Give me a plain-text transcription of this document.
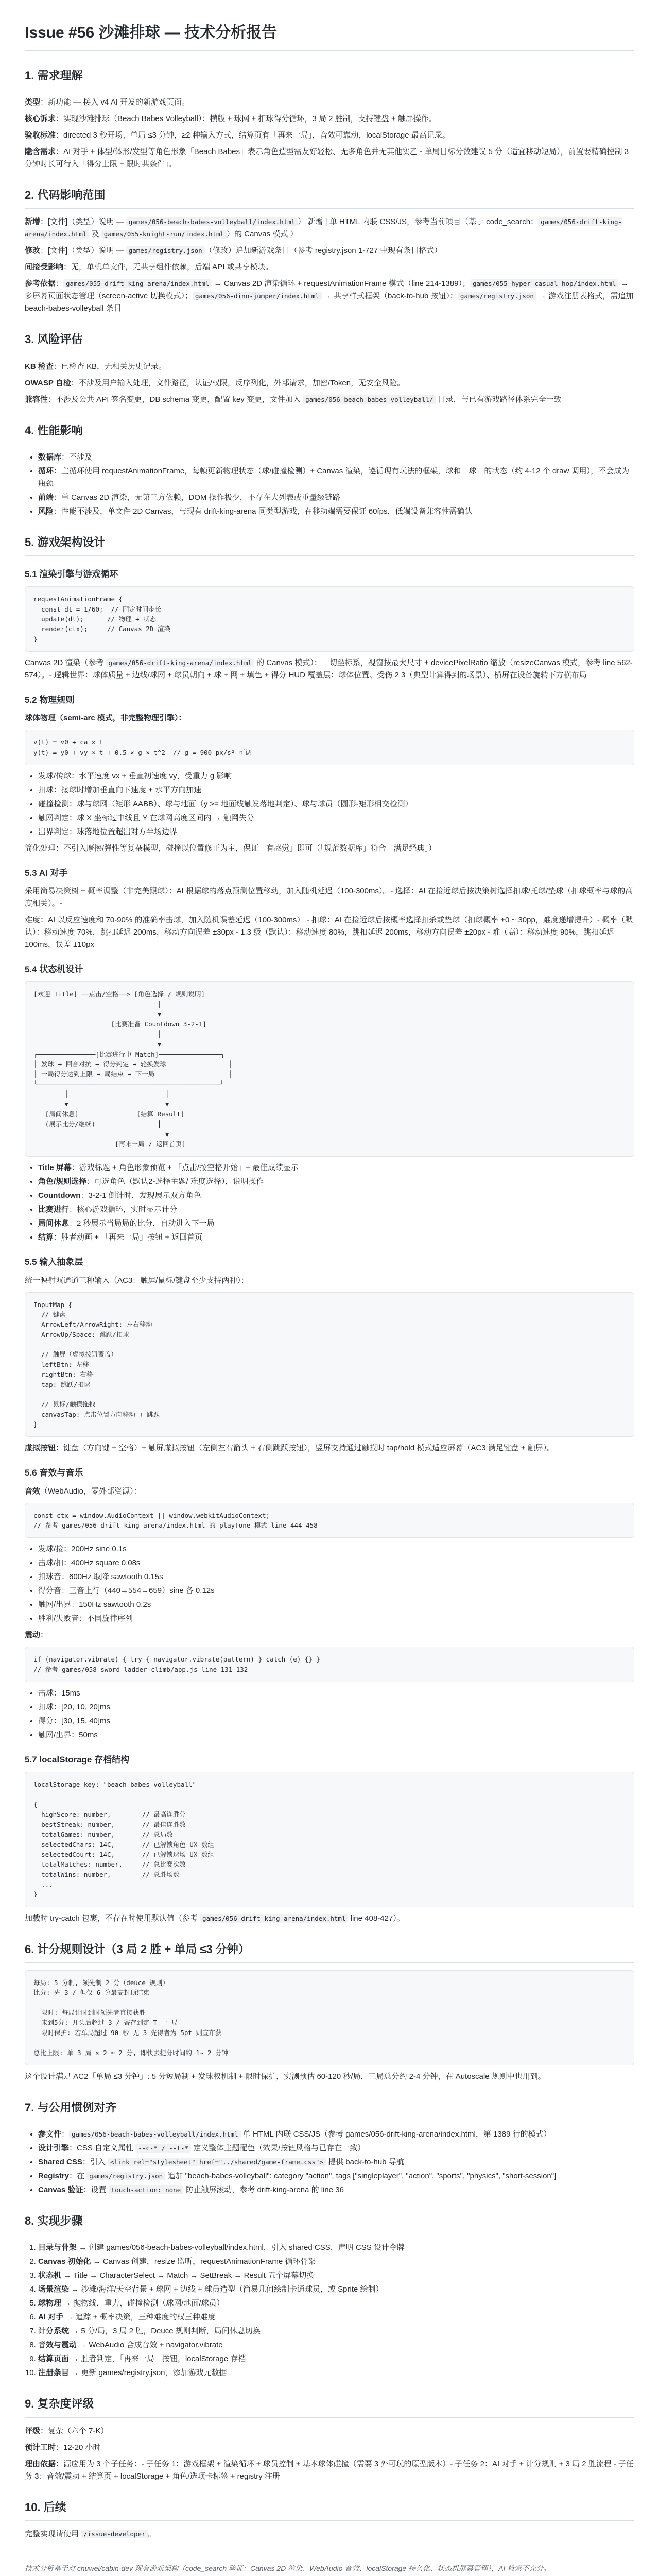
Issue #56 沙滩排球 — 技术分析报告
1. 需求理解

类型：新功能 — 接入 v4 AI 开发的新游戏页面。

核心诉求：实现沙滩排球（Beach Babes Volleyball）：横版 + 球网 + 扣球得分循环，3 局 2 胜制，支持键盘 + 触屏操作。

验收标准：directed 3 秒开场、单局 ≤3 分钟，≥2 种输入方式，结算页有「再来一局」，音效可靠动，localStorage 最高记录。

隐含需求：AI 对手 + 体型/体形/发型等角色形象「Beach Babes」表示角色造型需友好轻松、无多角色并无其他实乙 - 单局目标分数建议 5 分（适宜移动短局），前置要精确控制 3 分钟时长可行入「得分上限 + 限时共条件」。

2. 代码影响范围

新增：[文件]（类型）说明 — games/056-beach-babes-volleyball/index.html ） 新增 | 单 HTML 内联 CSS/JS，参考当前项目（基于 code_search： games/056-drift-king-arena/index.html 及 games/055-knight-run/index.html ）的 Canvas 模式 ）

修改：[文件]（类型）说明 — games/registry.json （修改）追加新游戏条目（参考 registry.json 1-727 中现有条目格式）

间接受影响：无，单机单文件，无共享组件依赖，后端 API 或共享模块。

参考依据： games/055-drift-king-arena/index.html → Canvas 2D 渲染循环 + requestAnimationFrame 模式（line 214-1389）； games/055-hyper-casual-hop/index.html → 多屏幕页面状态管理（screen-active 切换模式）； games/056-dino-jumper/index.html → 共享样式框架（back-to-hub 按钮）； games/registry.json → 游戏注册表格式，需追加 beach-babes-volleyball 条目

3. 风险评估

KB 检查：已检查 KB，无相关历史记录。

OWASP 自检：不涉及用户输入处理，文件路径，认证/权限，反序列化，外部请求，加密/Token，无安全风险。

兼容性：不涉及公共 API 签名变更，DB schema 变更，配置 key 变更，文件加入 games/056-beach-babes-volleyball/ 目录，与已有游戏路径体系完全一致

4. 性能影响
• 数据库：不涉及
• 循环：主循环使用 requestAnimationFrame，每帧更新物理状态（球/碰撞检测）+ Canvas 渲染，遵循现有玩法的框架，球和「球」的状态（约 4-12 个 draw 调用），不会成为瓶颈
• 前端：单 Canvas 2D 渲染，无第三方依赖，DOM 操作极少，不存在大列表或重量级链路
• 风险：性能不涉及，单文件 2D Canvas，与现有 drift-king-arena 同类型游戏，在移动端需要保证 60fps，低端设备兼容性需确认
5. 游戏架构设计
5.1 渲染引擎与游戏循环
requestAnimationFrame {
const dt = 1/60;  // 固定时间步长
update(dt);      // 物理 + 状态
render(ctx);     // Canvas 2D 渲染
}

Canvas 2D 渲染（参考 games/056-drift-king-arena/index.html 的 Canvas 模式）：一切坐标系，视窗按最大尺寸 + devicePixelRatio 缩放（resizeCanvas 模式，参考 line 562-574）。- 逻辑世界：球体质量 + 边线/球网 + 球员朝向 + 球 + 网 + 填色 + 得分 HUD 覆盖层：球体位置、受伤 2 3（典型计算得到的场景）、横屏在设备旋转下方横布局

5.2 物理规则

球体物理（semi-arc 模式，非完整物理引擎）：

v(t) = v0 + ca × t
y(t) = y0 + vy × t + 0.5 × g × t^2  // g = 900 px/s² 可调
• 发球/传球：水平速度 vx + 垂直初速度 vy，受重力 g 影响
• 扣球：接球时增加垂直向下速度 + 水平方向加速
• 碰撞检测：球与球网（矩形 AABB）、球与地面（y >= 地面线触发落地判定）、球与球员（圆形-矩形相交检测）
• 触网判定：球 X 坐标过中线且 Y 在球网高度区间内 → 触网失分
• 出界判定：球落地位置超出对方半场边界

简化处理：不引入摩擦/弹性等复杂模型，碰撞以位置修正为主，保证「有感觉」即可（「规范数据库」符合「满足经典」）

5.3 AI 对手

采用简易决策树 + 概率调整（非完美跟球）：AI 根据球的落点预测位置移动，加入随机延迟（100-300ms）。- 选择：AI 在接近球后按决策树选择扣球/托球/垫球（扣球概率与球的高度相关）。-

难度：AI 以反应速度和 70-90% 的准确率击球，加入随机误差延迟（100-300ms） - 扣球：AI 在接近球后按概率选择扣杀或垫球（扣球概率 +0 ~ 30pp，难度递增提升）- 概率（默认）：移动速度 70%，跳扣延迟 200ms，移动方向误差 ±30px - 1.3 级（默认）：移动速度 80%，跳扣延迟 200ms，移动方向误差 ±20px - 难（高）：移动速度 90%，跳扣延迟 100ms，误差 ±10px

5.4 状态机设计
[欢迎 Title] ──点击/空格──> [角色选择 / 规则说明]
│
▼
[比赛准备 Countdown 3-2-1]
│
▼
┌───────────────[比赛进行中 Match]────────────────┐
│ 发球 → 回合对抗 → 得分判定 → 轮换发球                │
│ 一局得分达到上限 → 局结束 → 下一局                   │
└───────────────────────────────────────────────┘
│                         │
▼                         ▼
[局间休息]               [结算 Result]
(展示比分/继续)                │
▼
[再来一局 / 返回首页]
• Title 屏幕：游戏标题 + 角色形象预览 + 「点击/按空格开始」+ 最佳成绩显示
• 角色/规则选择：可选角色（默认2-选择主题/ 难度选择），说明操作
• Countdown：3-2-1 倒计时，发现展示双方角色
• 比赛进行：核心游戏循环，实时显示计分
• 局间休息：2 秒展示当局局的比分，自动进入下一局
• 结算：胜者动画 + 「再来一局」按钮 + 返回首页
5.5 输入抽象层

统一映射双通道三种输入（AC3：触屏/鼠标/键盘至少支持两种）：

InputMap {
// 键盘
ArrowLeft/ArrowRight: 左右移动
ArrowUp/Space: 跳跃/扣球

// 触屏（虚拟按钮覆盖）
leftBtn: 左移
rightBtn: 右移
tap: 跳跃/扣球

// 鼠标/触摸拖拽
canvasTap: 点击位置方向移动 + 跳跃
}

虚拟按钮：键盘（方向键 + 空格）+ 触屏虚拟按钮（左侧左右箭头 + 右侧跳跃按钮），竖屏支持通过触摸时 tap/hold 模式适应屏幕（AC3 满足键盘 + 触屏）。

5.6 音效与音乐

音效（WebAudio，零外部资源）：

const ctx = window.AudioContext || window.webkitAudioContext;
// 参考 games/056-drift-king-arena/index.html 的 playTone 模式 line 444-458
• 发球/接：200Hz sine 0.1s
• 击球/扣：400Hz square 0.08s
• 扣球音：600Hz 取降 sawtooth 0.15s
• 得分音：三音上行（440→554→659）sine 各 0.12s
• 触网/出界：150Hz sawtooth 0.2s
• 胜利/失败音：不同旋律序列

震动：

if (navigator.vibrate) { try { navigator.vibrate(pattern) } catch (e) {} }
// 参考 games/058-sword-ladder-climb/app.js line 131-132
• 击球：15ms
• 扣球：[20, 10, 20]ms
• 得分：[30, 15, 40]ms
• 触网/出界：50ms
5.7 localStorage 存档结构
localStorage key: "beach_babes_volleyball"

{
highScore: number,        // 最高连胜分
bestStreak: number,       // 最佳连胜数
totalGames: number,       // 总局数
selectedChars: 14C,       // 已解锁角色 UX 数组
selectedCourt: 14C,       // 已解锁球场 UX 数组
totalMatches: number,     // 总比赛次数
totalWins: number,        // 总胜场数
...
}

加载时 try-catch 包裹，不存在时使用默认值（参考 games/056-drift-king-arena/index.html line 408-427）。

6. 计分规则设计（3 局 2 胜 + 单局 ≤3 分钟）
每局: 5 分制, 领先制 2 分（deuce 规则）
比分: 先 3 / 但仅 6 分最高封顶结束

— 限时: 每局计时到时领先者直接获胜
— 未到5分: 开头后超过 3 / 寄存到定 T 一 局
— 限时保护: 若单局超过 90 秒 无 3 先得者为 5pt 则宣布获

总比上限: 单 3 局 × 2 ≈ 2 分, 即快去提分时间约 1~ 2 分钟

这个设计满足 AC2「单局 ≤3 分钟」: 5 分短局制 + 发球权机制 + 限时保护，实测预估 60-120 秒/局，三局总分约 2-4 分钟，在 Autoscale 规则中也用到。

7. 与公用惯例对齐
• 参文件： games/056-beach-babes-volleyball/index.html 单 HTML 内联 CSS/JS（参考 games/056-drift-king-arena/index.html，第 1389 行的模式）
• 设计引擎：CSS 自定义属性 --c-* / --t-* 定义整体主题配色（效果/按钮风格与已存在一致）
• Shared CSS：引入 <link rel="stylesheet" href="../shared/game-frame.css"> 提供 back-to-hub 导航
• Registry：在 games/registry.json 追加 "beach-babes-volleyball": category "action", tags ["singleplayer", "action", "sports", "physics", "short-session"]
• Canvas 验证：设置 touch-action: none 防止触屏滚动，参考 drift-king-arena 的 line 36
8. 实现步骤
1. 目录与骨架 → 创建 games/056-beach-babes-volleyball/index.html，引入 shared CSS，声明 CSS 设计令牌
2. Canvas 初始化 → Canvas 创建，resize 监听，requestAnimationFrame 循环骨架
3. 状态机 → Title → CharacterSelect → Match → SetBreak → Result 五个屏幕切换
4. 场景渲染 → 沙滩/海洋/天空背景 + 球网 + 边线 + 球员造型（简易几何绘制卡通球员，或 Sprite 绘制）
5. 球物理 → 抛物线，重力，碰撞检测（球网/地面/球员）
6. AI 对手 → 追踪 + 概率决策，三种难度的权三种难度
7. 计分系统 → 5 分/局，3 局 2 胜，Deuce 规则判断，局间休息切换
8. 音效与震动 → WebAudio 合成音效 + navigator.vibrate
9. 结算页面 → 胜者判定，「再来一局」按钮，localStorage 存档
10. 注册条目 → 更新 games/registry.json，添加游戏元数据
9. 复杂度评级

评级：复杂（六个 7-K）

预计工时：12-20 小时

理由依据：源应用为 3 个子任务：- 子任务 1：游戏框架 + 渲染循环 + 球员控制 + 基本球体碰撞（需要 3 外可玩的原型版本）- 子任务 2：AI 对手 + 计分规则 + 3 局 2 胜流程 - 子任务 3：音效/震动 + 结算页 + localStorage + 角色/选项卡标签 + registry 注册

10. 后续

完整实现请使用 /issue-developer 。

技术分析基于对 chuwei/cabin-dev 现有游戏架构（code_search 验证：Canvas 2D 渲染、WebAudio 音效、localStorage 持久化、状态机屏幕管理），AI 检索不充分。
